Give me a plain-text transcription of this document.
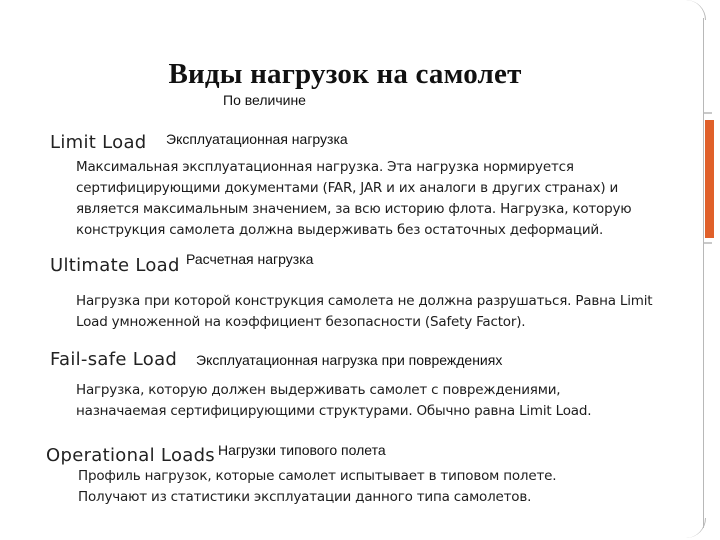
Виды нагрузок на самолет
По величине
Limit Load Эксплуатационная нагрузка
Максимальная эксплуатационная нагрузка. Эта нагрузка нормируется
сертифицирующими документами (FAR, JAR и их аналоги в других странах) и
является максимальным значением, за всю историю флота. Нагрузка, которую
конструкция самолета должна выдерживать без остаточных деформаций.
Ultimate Load Расчетная нагрузка
Нагрузка при которой конструкция самолета не должна разрушаться. Равна Limit
Load умноженной на коэффициент безопасности (Safety Factor).
Fail-safe Load Эксплуатационная нагрузка при повреждениях
Нагрузка, которую должен выдерживать самолет с повреждениями,
назначаемая сертифицирующими структурами. Обычно равна Limit Load.
Operational Loads Нагрузки типового полета
Профиль нагрузок, которые самолет испытывает в типовом полете.
Получают из статистики эксплуатации данного типа самолетов.
